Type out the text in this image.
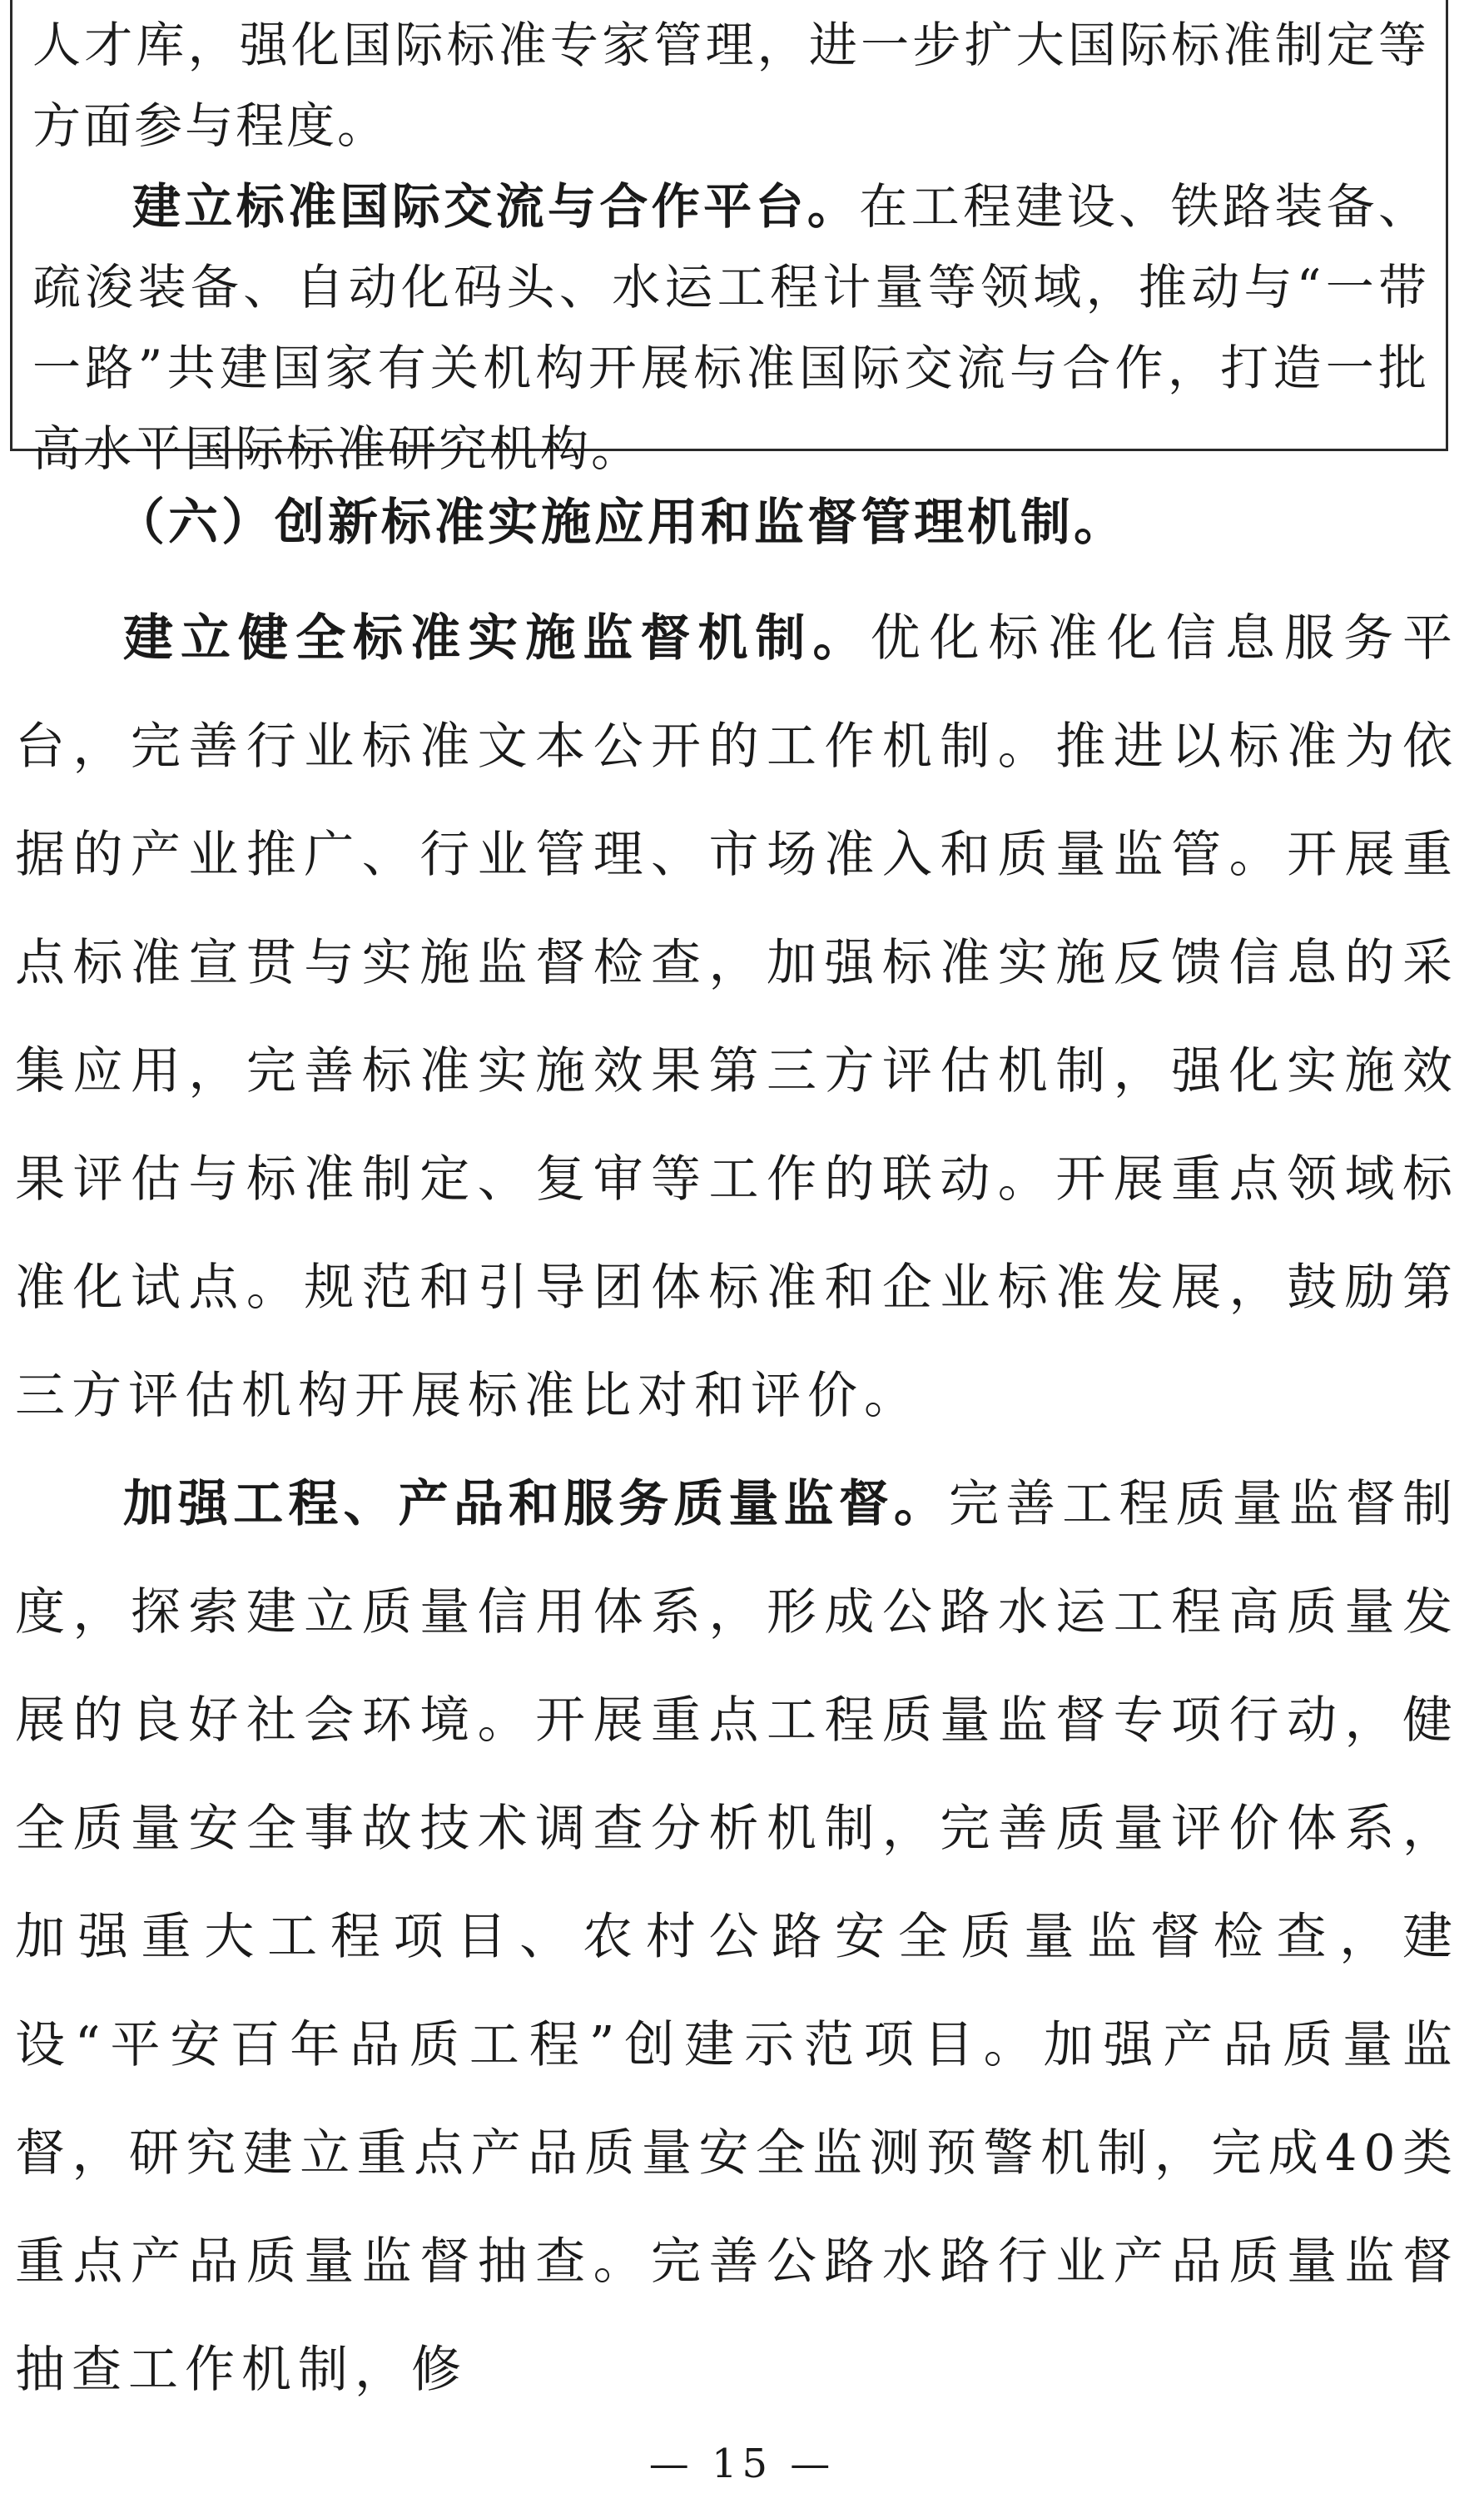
人才库，强化国际标准专家管理，进一步扩大国际标准制定等方面参与程度。

建立标准国际交流与合作平台。在工程建设、铁路装备、疏浚装备、自动化码头、水运工程计量等领域，推动与“一带一路”共建国家有关机构开展标准国际交流与合作，打造一批高水平国际标准研究机构。

（六）创新标准实施应用和监督管理机制。

建立健全标准实施监督机制。优化标准化信息服务平台，完善行业标准文本公开的工作机制。推进以标准为依据的产业推广、行业管理、市场准入和质量监管。开展重点标准宣贯与实施监督检查，加强标准实施反馈信息的采集应用，完善标准实施效果第三方评估机制，强化实施效果评估与标准制定、复审等工作的联动。开展重点领域标准化试点。规范和引导团体标准和企业标准发展，鼓励第三方评估机构开展标准比对和评价。

加强工程、产品和服务质量监督。完善工程质量监督制度，探索建立质量信用体系，形成公路水运工程高质量发展的良好社会环境。开展重点工程质量监督专项行动，健全质量安全事故技术调查分析机制，完善质量评价体系，加强重大工程项目、农村公路安全质量监督检查，建设“平安百年品质工程”创建示范项目。加强产品质量监督，研究建立重点产品质量安全监测预警机制，完成40类重点产品质量监督抽查。完善公路水路行业产品质量监督抽查工作机制，修

— 15 —
